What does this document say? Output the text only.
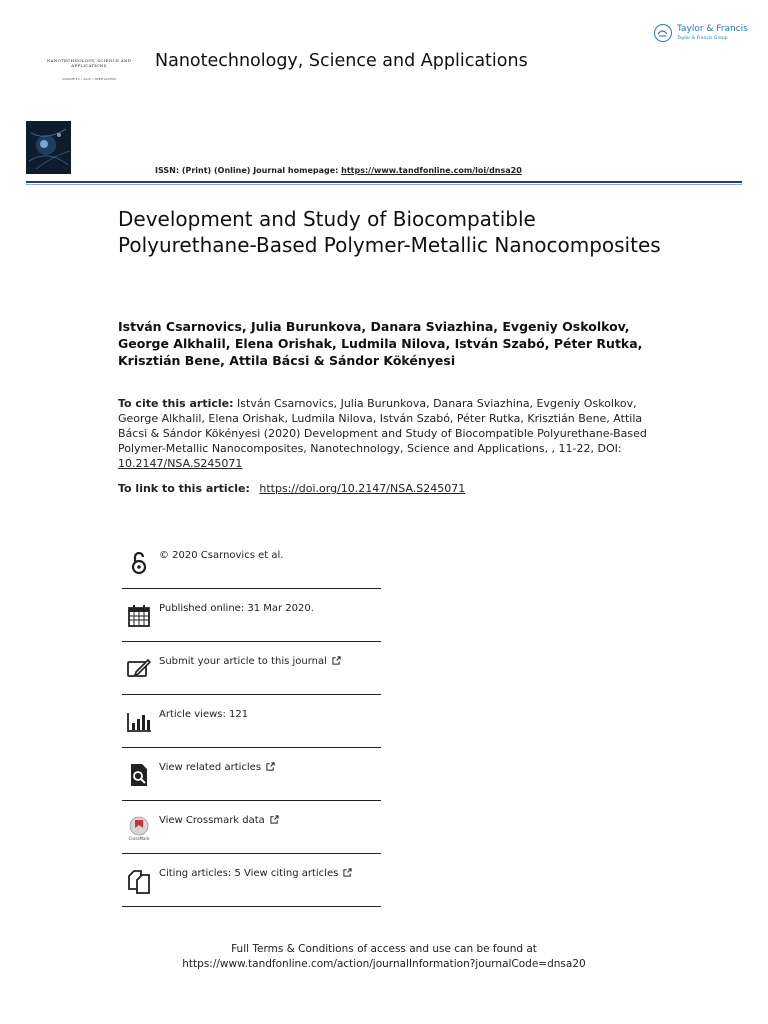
NANOTECHNOLOGY, SCIENCE AND APPLICATIONS
VOLUME 13 • 2020 • OPEN ACCESS
Nanotechnology, Science and Applications
Taylor & Francis
Taylor & Francis Group
ISSN: (Print) (Online) Journal homepage: https://www.tandfonline.com/loi/dnsa20
Development and Study of Biocompatible Polyurethane-Based Polymer-Metallic Nanocomposites
István Csarnovics, Julia Burunkova, Danara Sviazhina, Evgeniy Oskolkov, George Alkhalil, Elena Orishak, Ludmila Nilova, István Szabó, Péter Rutka, Krisztián Bene, Attila Bácsi & Sándor Kökényesi
To cite this article: István Csarnovics, Julia Burunkova, Danara Sviazhina, Evgeniy Oskolkov, George Alkhalil, Elena Orishak, Ludmila Nilova, István Szabó, Péter Rutka, Krisztián Bene, Attila Bácsi & Sándor Kökényesi (2020) Development and Study of Biocompatible Polyurethane-Based Polymer-Metallic Nanocomposites, Nanotechnology, Science and Applications, , 11-22, DOI: 10.2147/NSA.S245071
To link to this article: https://doi.org/10.2147/NSA.S245071
© 2020 Csarnovics et al.
Published online: 31 Mar 2020.
Submit your article to this journal
Article views: 121
View related articles
CrossMark
View Crossmark data
Citing articles: 5 View citing articles
Full Terms & Conditions of access and use can be found at
https://www.tandfonline.com/action/journalInformation?journalCode=dnsa20
